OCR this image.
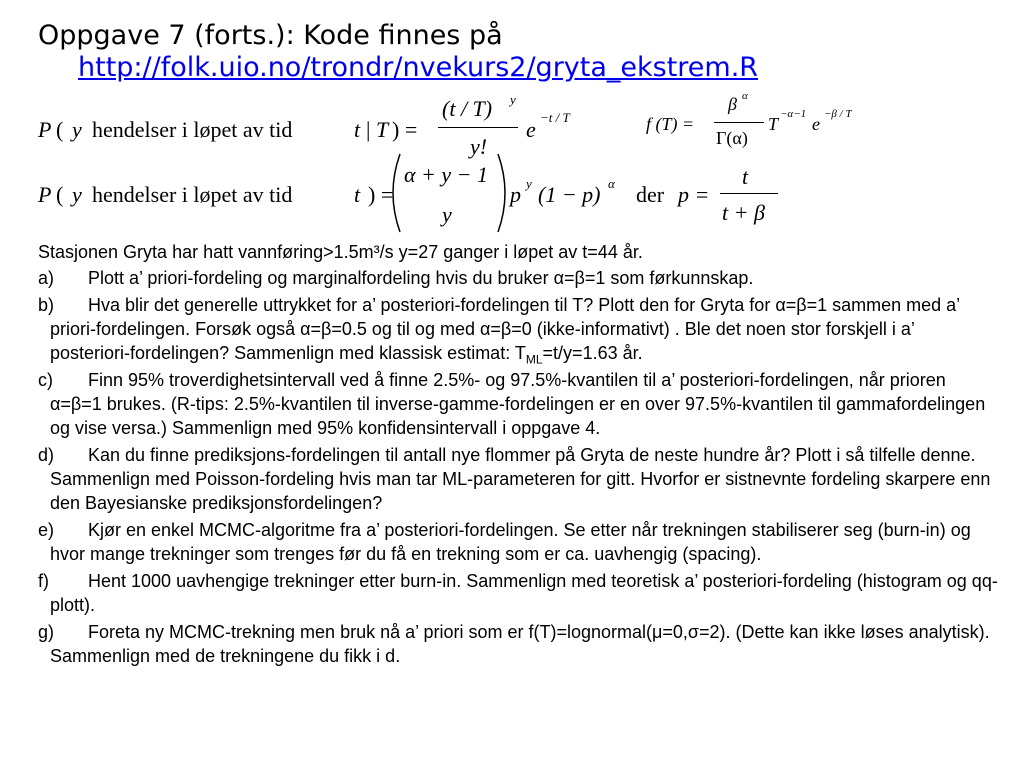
Oppgave 7 (forts.): Kode finnes på
http://folk.uio.no/trondr/nvekurs2/gryta_ekstrem.R
P ( y hendelser i løpet av tid	t | T ) =
(t / T) y
y!
e −t / T	f (T) =
β α
Γ(α)
T −α−1 e −β / T
P ( y hendelser i løpet av tid	t ) =
α + y − 1
y
p y (1 − p) α der p =
t
t + β

Stasjonen Gryta har hatt vannføring>1.5m³/s y=27 ganger i løpet av t=44 år.

a) Plott a’ priori-fordeling og marginalfordeling hvis du bruker α=β=1 som førkunnskap.
b) Hva blir det generelle uttrykket for a’ posteriori-fordelingen til T? Plott den for Gryta for α=β=1 sammen med a’ priori-fordelingen. Forsøk også α=β=0.5 og til og med α=β=0 (ikke-informativt) . Ble det noen stor forskjell i a’ posteriori-fordelingen? Sammenlign med klassisk estimat: $T_{ML}=t/y=1.63$ år.
c) Finn 95% troverdighetsintervall ved å finne 2.5%- og 97.5%-kvantilen til a’ posteriori-fordelingen, når prioren α=β=1 brukes. (R-tips: 2.5%-kvantilen til inverse-gamme-fordelingen er en over 97.5%-kvantilen til gammafordelingen og vise versa.) Sammenlign med 95% konfidensintervall i oppgave 4.
d) Kan du finne prediksjons-fordelingen til antall nye flommer på Gryta de neste hundre år? Plott i så tilfelle denne. Sammenlign med Poisson-fordeling hvis man tar ML-parameteren for gitt. Hvorfor er sistnevnte fordeling skarpere enn den Bayesianske prediksjonsfordelingen?
e) Kjør en enkel MCMC-algoritme fra a’ posteriori-fordelingen. Se etter når trekningen stabiliserer seg (burn-in) og hvor mange trekninger som trenges før du få en trekning som er ca. uavhengig (spacing).
f) Hent 1000 uavhengige trekninger etter burn-in. Sammenlign med teoretisk a’ posteriori-fordeling (histogram og qq-plott).
g) Foreta ny MCMC-trekning men bruk nå a’ priori som er f(T)=lognormal(μ=0,σ=2). (Dette kan ikke løses analytisk). Sammenlign med de trekningene du fikk i d.
